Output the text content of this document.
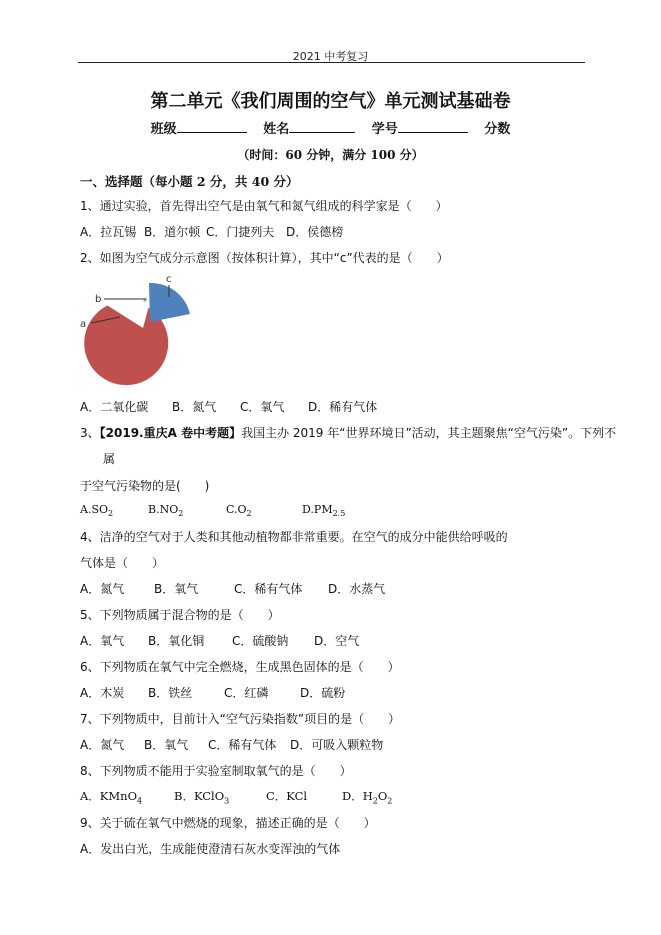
2021 中考复习
第二单元《我们周围的空气》单元测试基础卷
班级	姓名	学号	分数
（时间：60 分钟，满分 100 分）
一、选择题（每小题 2 分，共 40 分）
1、通过实验，首先得出空气是由氧气和氮气组成的科学家是（　　）
A．拉瓦锡 B．道尔顿 C．门捷列夫 D．侯德榜
2、如图为空气成分示意图（按体积计算），其中“c”代表的是（　　）
a
b
c
A．二氧化碳 B．氮气 C．氧气 D．稀有气体
3、【2019.重庆A 卷中考题】我国主办 2019 年“世界环境日”活动，其主题聚焦“空气污染”。下列不
属
于空气污染物的是(　　)
$A.SO_2$	$B.NO_2$	$C.O_2$	$D.PM_{2.5}$
4、洁净的空气对于人类和其他动植物都非常重要。在空气的成分中能供给呼吸的
气体是（　　）
A．氮气 B．氧气	C．稀有气体 D．水蒸气
5、下列物质属于混合物的是（　　）
A．氧气 B．氧化铜 C．硫酸钠 D．空气
6、下列物质在氧气中完全燃烧，生成黑色固体的是（　　）
A．木炭 B．铁丝	C．红磷	D．硫粉
7、下列物质中，目前计入“空气污染指数”项目的是（　　）
A．氮气 B．氧气 C．稀有气体 D．可吸入颗粒物
8、下列物质不能用于实验室制取氧气的是（　　）
A．KMnO$_4$	B．KClO$_3$	C．KCl	D．$H_2O_2$
9、关于硫在氧气中燃烧的现象，描述正确的是（　　）
A．发出白光，生成能使澄清石灰水变浑浊的气体
